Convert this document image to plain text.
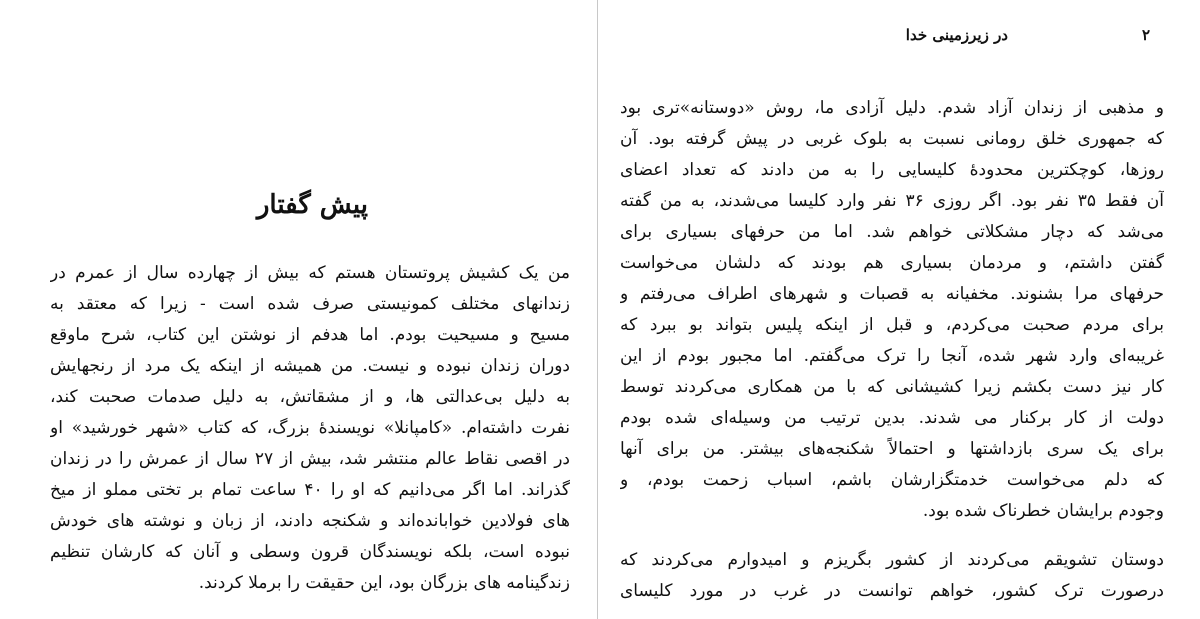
پیش گفتار
من یک کشیش پروتستان هستم که بیش از چهارده سال از عمرم در
زندانهای مختلف کمونیستی صرف شده است - زیرا که معتقد به
مسیح و مسیحیت بودم. اما هدفم از نوشتن این کتاب، شرح ماوقع
دوران زندان نبوده و نیست. من همیشه از اینکه یک مرد از رنجهایش
به دلیل بی‌عدالتی ها، و از مشقاتش، به دلیل صدمات صحبت کند،
نفرت داشته‌ام. «کامپانلا» نویسندهٔ بزرگ، که کتاب «شهر خورشید» او
در اقصی نقاط عالم منتشر شد، بیش از ۲۷ سال از عمرش را در زندان
گذراند. اما اگر می‌دانیم که او را ۴۰ ساعت تمام بر تختی مملو از میخ
های فولادین خوابانده‌اند و شکنجه دادند، از زبان و نوشته های خودش
نبوده است، بلکه نویسندگان قرون وسطی و آنان که کارشان تنظیم
زندگینامه های بزرگان بود، این حقیقت را برملا کردند.
۲
در زیرزمینی خدا
و مذهبی از زندان آزاد شدم. دلیل آزادی ما، روش «دوستانه»تری بود
که جمهوری خلق رومانی نسبت به بلوک غربی در پیش گرفته بود. آن
روزها، کوچکترین محدودهٔ کلیسایی را به من دادند که تعداد اعضای
آن فقط ۳۵ نفر بود. اگر روزی ۳۶ نفر وارد کلیسا می‌شدند، به من گفته
می‌شد که دچار مشکلاتی خواهم شد. اما من حرفهای بسیاری برای
گفتن داشتم، و مردمان بسیاری هم بودند که دلشان می‌خواست
حرفهای مرا بشنوند. مخفیانه به قصبات و شهرهای اطراف می‌رفتم و
برای مردم صحبت می‌کردم، و قبل از اینکه پلیس بتواند بو ببرد که
غریبه‌ای وارد شهر شده، آنجا را ترک می‌گفتم. اما مجبور بودم از این
کار نیز دست بکشم زیرا کشیشانی که با من همکاری می‌کردند توسط
دولت از کار برکنار می شدند. بدین ترتیب من وسیله‌ای شده بودم
برای یک سری بازداشتها و احتمالاً شکنجه‌های بیشتر. من برای آنها
که دلم می‌خواست خدمتگزارشان باشم، اسباب زحمت بودم، و
وجودم برایشان خطرناک شده بود.
دوستان تشویقم می‌کردند از کشور بگریزم و امیدوارم می‌کردند که
درصورت ترک کشور، خواهم توانست در غرب در مورد کلیسای
